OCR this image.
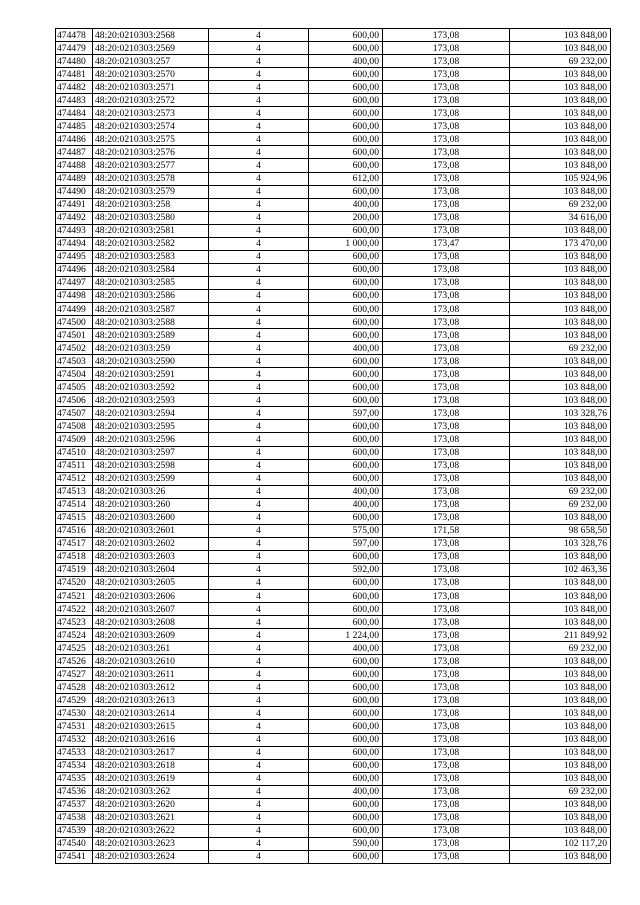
474478	48:20:0210303:2568	4	600,00	173,08	103 848,00
474479	48:20:0210303:2569	4	600,00	173,08	103 848,00
474480	48:20:0210303:257	4	400,00	173,08	69 232,00
474481	48:20:0210303:2570	4	600,00	173,08	103 848,00
474482	48:20:0210303:2571	4	600,00	173,08	103 848,00
474483	48:20:0210303:2572	4	600,00	173,08	103 848,00
474484	48:20:0210303:2573	4	600,00	173,08	103 848,00
474485	48:20:0210303:2574	4	600,00	173,08	103 848,00
474486	48:20:0210303:2575	4	600,00	173,08	103 848,00
474487	48:20:0210303:2576	4	600,00	173,08	103 848,00
474488	48:20:0210303:2577	4	600,00	173,08	103 848,00
474489	48:20:0210303:2578	4	612,00	173,08	105 924,96
474490	48:20:0210303:2579	4	600,00	173,08	103 848,00
474491	48:20:0210303:258	4	400,00	173,08	69 232,00
474492	48:20:0210303:2580	4	200,00	173,08	34 616,00
474493	48:20:0210303:2581	4	600,00	173,08	103 848,00
474494	48:20:0210303:2582	4	1 000,00	173,47	173 470,00
474495	48:20:0210303:2583	4	600,00	173,08	103 848,00
474496	48:20:0210303:2584	4	600,00	173,08	103 848,00
474497	48:20:0210303:2585	4	600,00	173,08	103 848,00
474498	48:20:0210303:2586	4	600,00	173,08	103 848,00
474499	48:20:0210303:2587	4	600,00	173,08	103 848,00
474500	48:20:0210303:2588	4	600,00	173,08	103 848,00
474501	48:20:0210303:2589	4	600,00	173,08	103 848,00
474502	48:20:0210303:259	4	400,00	173,08	69 232,00
474503	48:20:0210303:2590	4	600,00	173,08	103 848,00
474504	48:20:0210303:2591	4	600,00	173,08	103 848,00
474505	48:20:0210303:2592	4	600,00	173,08	103 848,00
474506	48:20:0210303:2593	4	600,00	173,08	103 848,00
474507	48:20:0210303:2594	4	597,00	173,08	103 328,76
474508	48:20:0210303:2595	4	600,00	173,08	103 848,00
474509	48:20:0210303:2596	4	600,00	173,08	103 848,00
474510	48:20:0210303:2597	4	600,00	173,08	103 848,00
474511	48:20:0210303:2598	4	600,00	173,08	103 848,00
474512	48:20:0210303:2599	4	600,00	173,08	103 848,00
474513	48:20:0210303:26	4	400,00	173,08	69 232,00
474514	48:20:0210303:260	4	400,00	173,08	69 232,00
474515	48:20:0210303:2600	4	600,00	173,08	103 848,00
474516	48:20:0210303:2601	4	575,00	171,58	98 658,50
474517	48:20:0210303:2602	4	597,00	173,08	103 328,76
474518	48:20:0210303:2603	4	600,00	173,08	103 848,00
474519	48:20:0210303:2604	4	592,00	173,08	102 463,36
474520	48:20:0210303:2605	4	600,00	173,08	103 848,00
474521	48:20:0210303:2606	4	600,00	173,08	103 848,00
474522	48:20:0210303:2607	4	600,00	173,08	103 848,00
474523	48:20:0210303:2608	4	600,00	173,08	103 848,00
474524	48:20:0210303:2609	4	1 224,00	173,08	211 849,92
474525	48:20:0210303:261	4	400,00	173,08	69 232,00
474526	48:20:0210303:2610	4	600,00	173,08	103 848,00
474527	48:20:0210303:2611	4	600,00	173,08	103 848,00
474528	48:20:0210303:2612	4	600,00	173,08	103 848,00
474529	48:20:0210303:2613	4	600,00	173,08	103 848,00
474530	48:20:0210303:2614	4	600,00	173,08	103 848,00
474531	48:20:0210303:2615	4	600,00	173,08	103 848,00
474532	48:20:0210303:2616	4	600,00	173,08	103 848,00
474533	48:20:0210303:2617	4	600,00	173,08	103 848,00
474534	48:20:0210303:2618	4	600,00	173,08	103 848,00
474535	48:20:0210303:2619	4	600,00	173,08	103 848,00
474536	48:20:0210303:262	4	400,00	173,08	69 232,00
474537	48:20:0210303:2620	4	600,00	173,08	103 848,00
474538	48:20:0210303:2621	4	600,00	173,08	103 848,00
474539	48:20:0210303:2622	4	600,00	173,08	103 848,00
474540	48:20:0210303:2623	4	590,00	173,08	102 117,20
474541	48:20:0210303:2624	4	600,00	173,08	103 848,00
